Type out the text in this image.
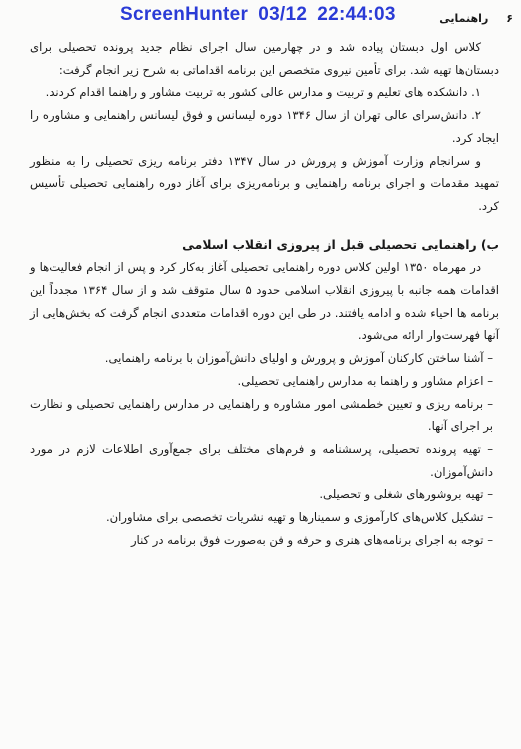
ScreenHunter 03/12 22:44:03	۶راهنمایی

کلاس اول دبستان پیاده شد و در چهارمین سال اجرای نظام جدید پرونده تحصیلی برای دبستان‌ها تهیه شد. برای تأمین نیروی متخصص این برنامه اقداماتی به شرح زیر انجام گرفت:

۱. دانشکده های تعلیم و تربیت و مدارس عالی کشور به تربیت مشاور و راهنما اقدام کردند.

۲. دانش‌سرای عالی تهران از سال ۱۳۴۶ دوره لیسانس و فوق لیسانس راهنمایی و مشاوره را ایجاد کرد.

و سرانجام وزارت آموزش و پرورش در سال ۱۳۴۷ دفتر برنامه ریزی تحصیلی را به منظور تمهید مقدمات و اجرای برنامه راهنمایی و برنامه‌ریزی برای آغاز دوره راهنمایی تحصیلی تأسیس کرد.

ب) راهنمایی تحصیلی قبل از پیروزی انقلاب اسلامی

در مهرماه ۱۳۵۰ اولین کلاس دوره راهنمایی تحصیلی آغاز به‌کار کرد و پس از انجام فعالیت‌ها و اقدامات همه جانبه با پیروزی انقلاب اسلامی حدود ۵ سال متوقف شد و از سال ۱۳۶۴ مجدداً این برنامه ها احیاء شده و ادامه یافتند. در طی این دوره اقدامات متعددی انجام گرفت که بخش‌هایی از آنها فهرست‌وار ارائه می‌شود.

– آشنا ساختن کارکنان آموزش و پرورش و اولیای دانش‌آموزان با برنامه راهنمایی.

– اعزام مشاور و راهنما به مدارس راهنمایی تحصیلی.

– برنامه ریزی و تعیین خطمشی امور مشاوره و راهنمایی در مدارس راهنمایی تحصیلی و نظارت بر اجرای آنها.

– تهیه پرونده تحصیلی، پرسشنامه و فرم‌های مختلف برای جمع‌آوری اطلاعات لازم در مورد دانش‌آموزان.

– تهیه بروشورهای شغلی و تحصیلی.

– تشکیل کلاس‌های کارآموزی و سمینارها و تهیه نشریات تخصصی برای مشاوران.

– توجه به اجرای برنامه‌های هنری و حرفه و فن به‌صورت فوق برنامه در کنار
